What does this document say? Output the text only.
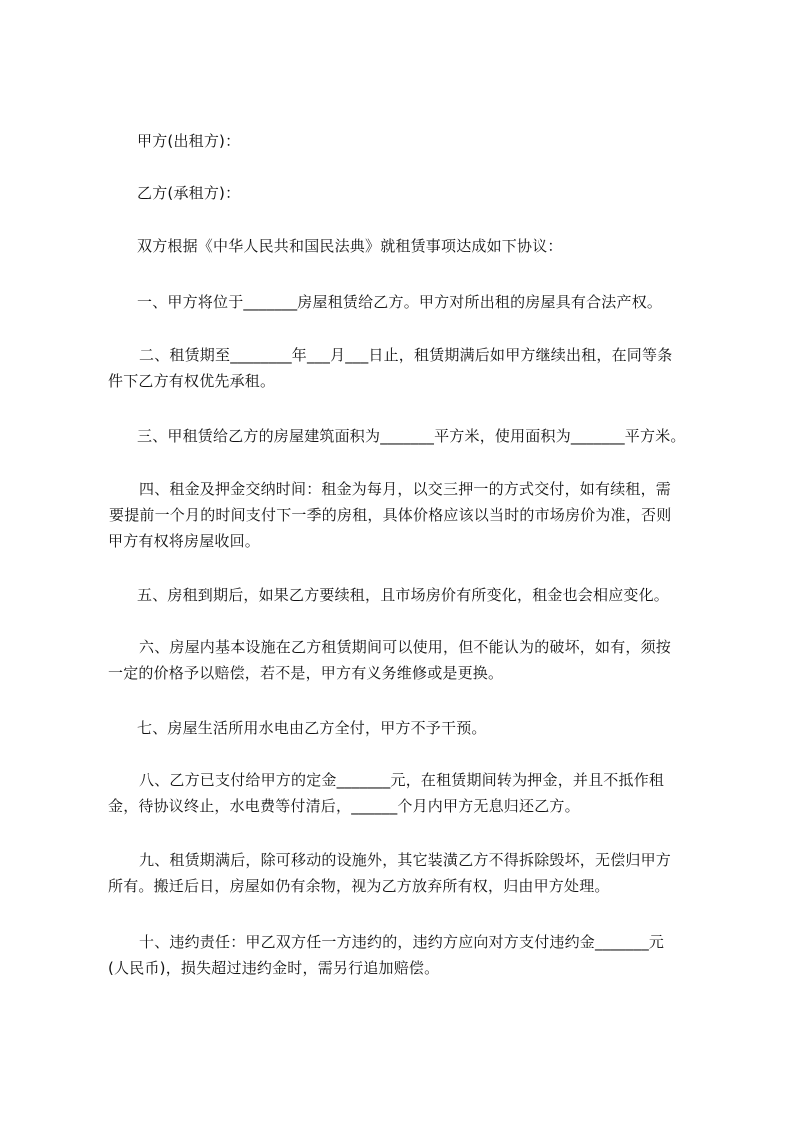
甲方(出租方)：
乙方(承租方)：
双方根据《中华人民共和国民法典》就租赁事项达成如下协议：
一、甲方将位于_______房屋租赁给乙方。甲方对所出租的房屋具有合法产权。
二、租赁期至________年___月___日止，租赁期满后如甲方继续出租，在同等条
件下乙方有权优先承租。
三、甲租赁给乙方的房屋建筑面积为_______平方米，使用面积为_______平方米。
四、租金及押金交纳时间：租金为每月，以交三押一的方式交付，如有续租，需
要提前一个月的时间支付下一季的房租，具体价格应该以当时的市场房价为准，否则
甲方有权将房屋收回。
五、房租到期后，如果乙方要续租，且市场房价有所变化，租金也会相应变化。
六、房屋内基本设施在乙方租赁期间可以使用，但不能认为的破坏，如有，须按
一定的价格予以赔偿，若不是，甲方有义务维修或是更换。
七、房屋生活所用水电由乙方全付，甲方不予干预。
八、乙方已支付给甲方的定金_______元，在租赁期间转为押金，并且不抵作租
金，待协议终止，水电费等付清后，______个月内甲方无息归还乙方。
九、租赁期满后，除可移动的设施外，其它装潢乙方不得拆除毁坏，无偿归甲方
所有。搬迁后日，房屋如仍有余物，视为乙方放弃所有权，归由甲方处理。
十、违约责任：甲乙双方任一方违约的，违约方应向对方支付违约金_______元
(人民币)，损失超过违约金时，需另行追加赔偿。
